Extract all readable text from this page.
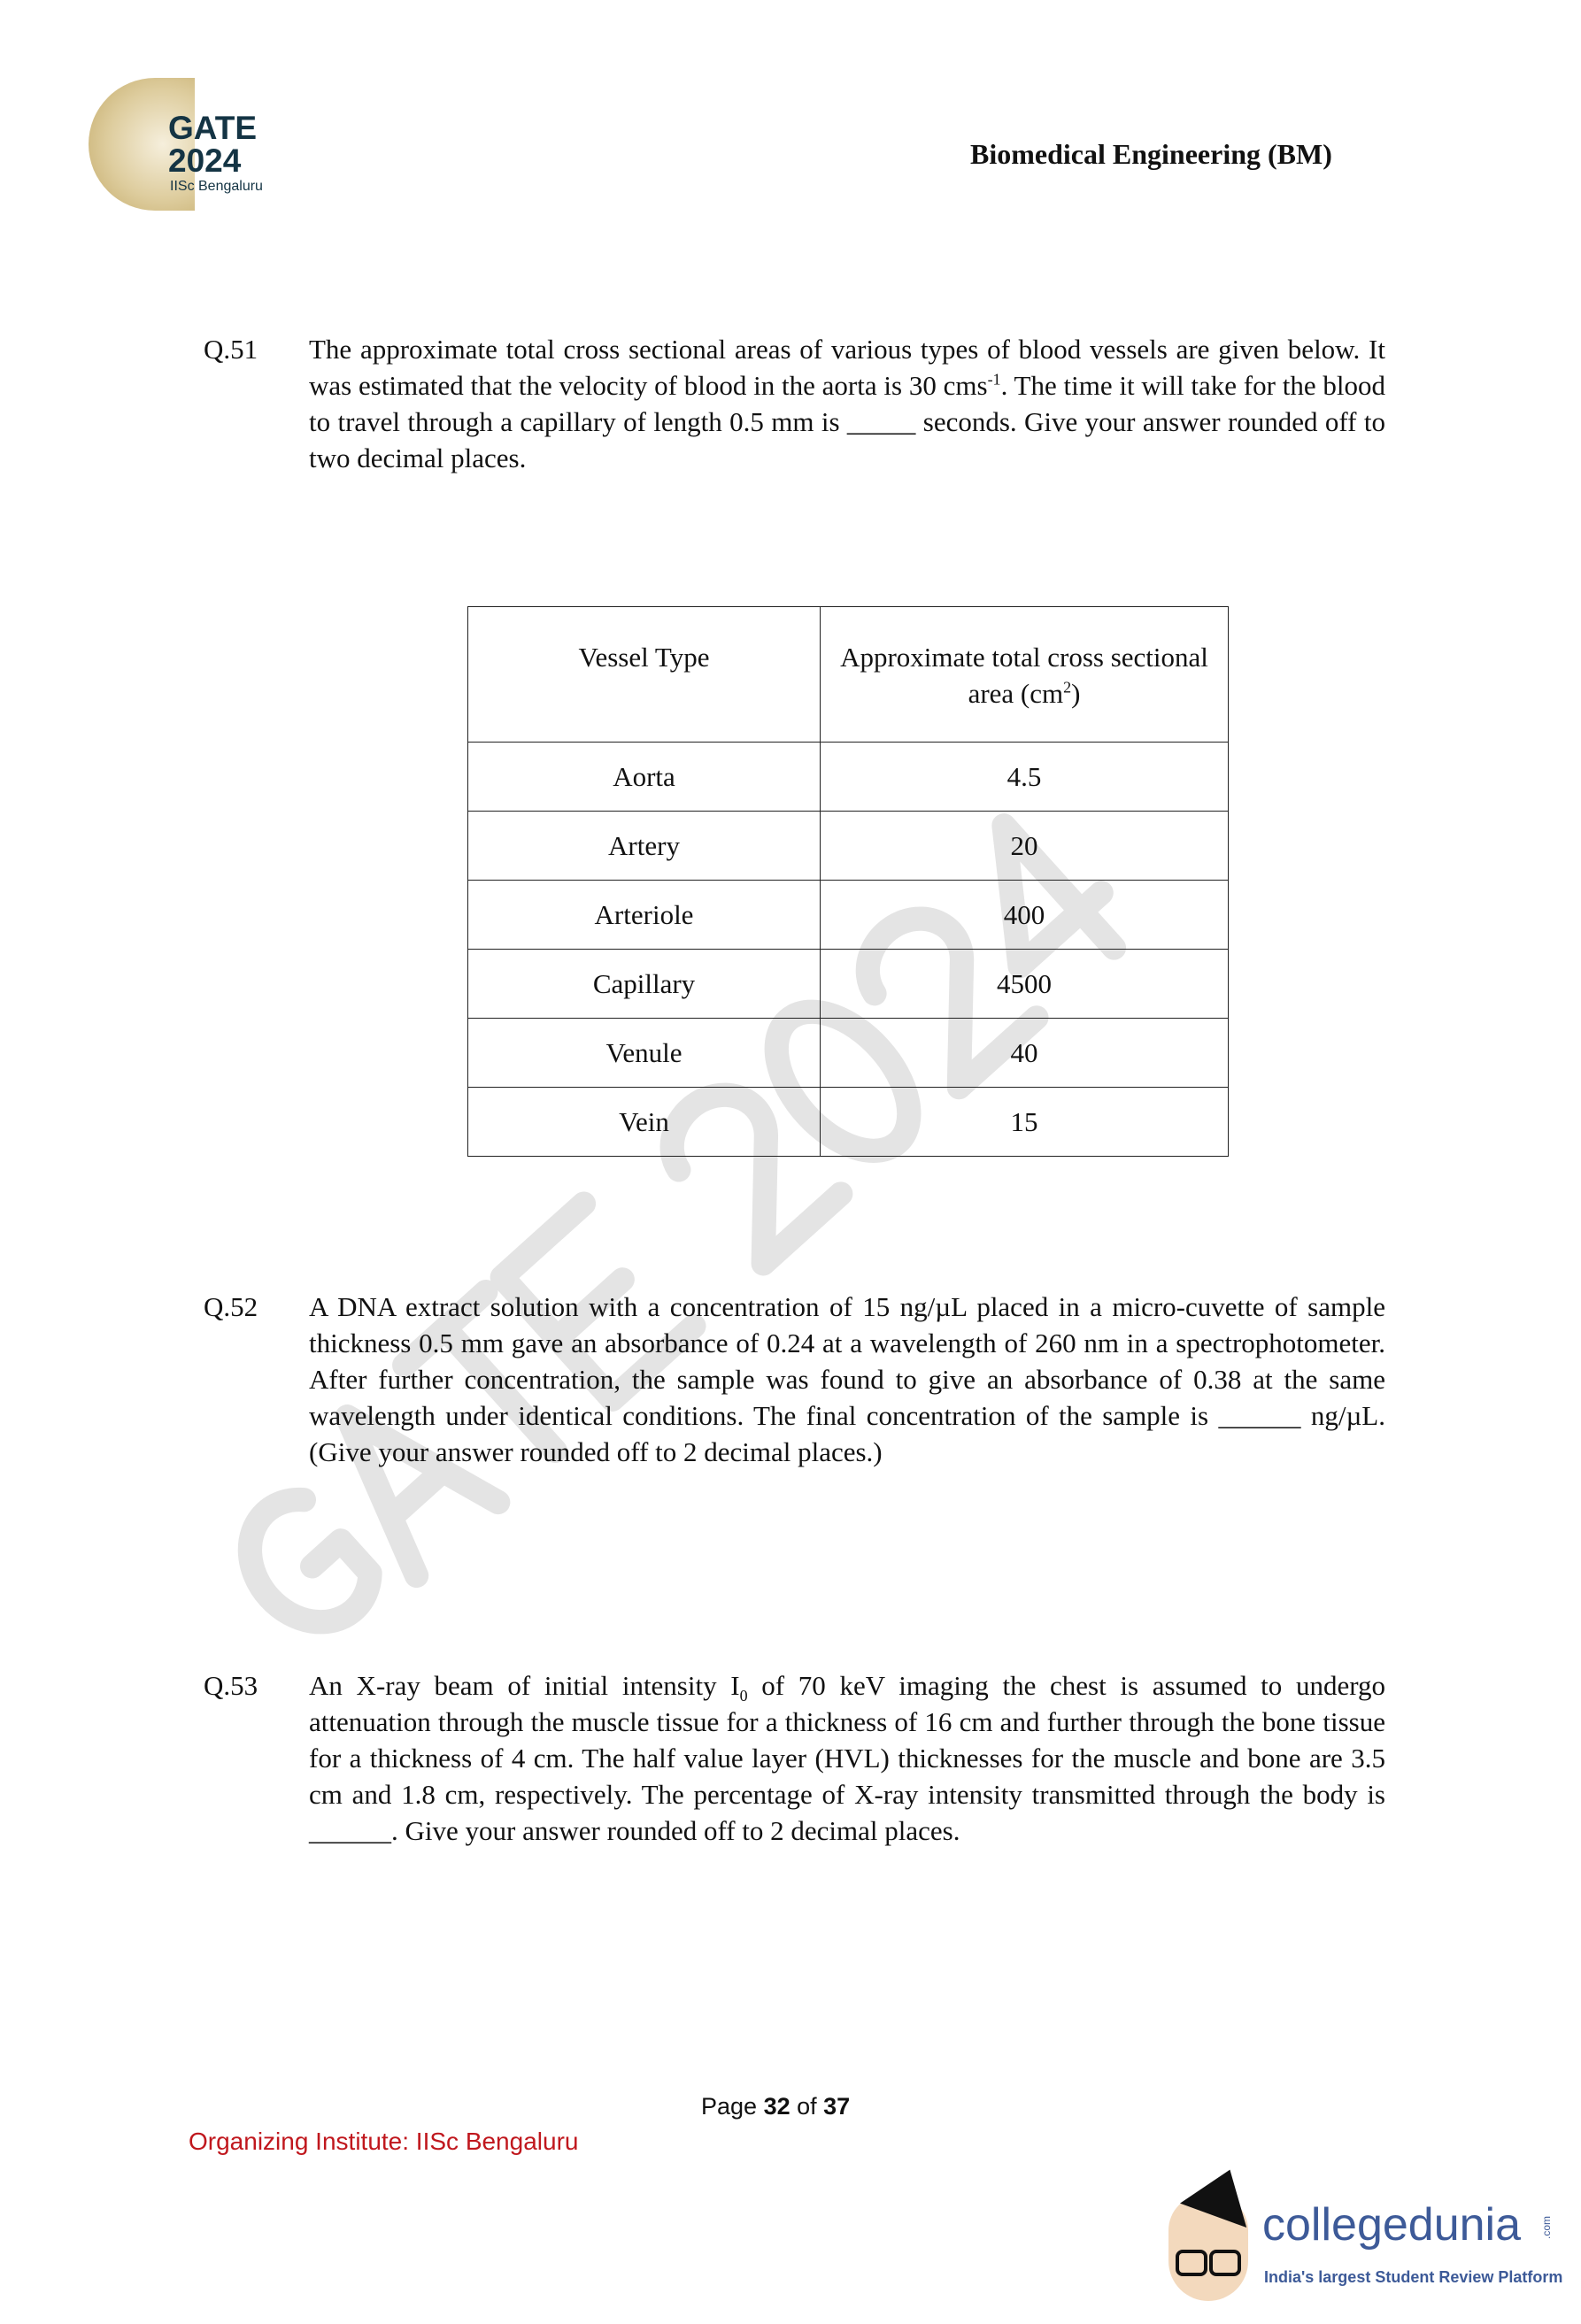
GATE
2024
IISc Bengaluru
Biomedical Engineering (BM)
Q.51 The approximate total cross sectional areas of various types of blood vessels are given below. It was estimated that the velocity of blood in the aorta is 30 cms$^{-1}$. The time it will take for the blood to travel through a capillary of length 0.5 mm is _____ seconds. Give your answer rounded off to two decimal places.
Vessel Type	Approximate total cross sectional area $(cm^2)$
Aorta	4.5
Artery	20
Arteriole	400
Capillary	4500
Venule	40
Vein	15
Q.52 A DNA extract solution with a concentration of 15 ng/µL placed in a micro-cuvette of sample thickness 0.5 mm gave an absorbance of 0.24 at a wavelength of 260 nm in a spectrophotometer. After further concentration, the sample was found to give an absorbance of 0.38 at the same wavelength under identical conditions. The final concentration of the sample is ______ ng/µL. (Give your answer rounded off to 2 decimal places.)
Q.53 An X-ray beam of initial intensity $I_0$ of 70 keV imaging the chest is assumed to undergo attenuation through the muscle tissue for a thickness of 16 cm and further through the bone tissue for a thickness of 4 cm. The half value layer (HVL) thicknesses for the muscle and bone are 3.5 cm and 1.8 cm, respectively. The percentage of X-ray intensity transmitted through the body is ______. Give your answer rounded off to 2 decimal places.
Page 32 of 37
Organizing Institute: IISc Bengaluru
collegedunia .com
India's largest Student Review Platform
